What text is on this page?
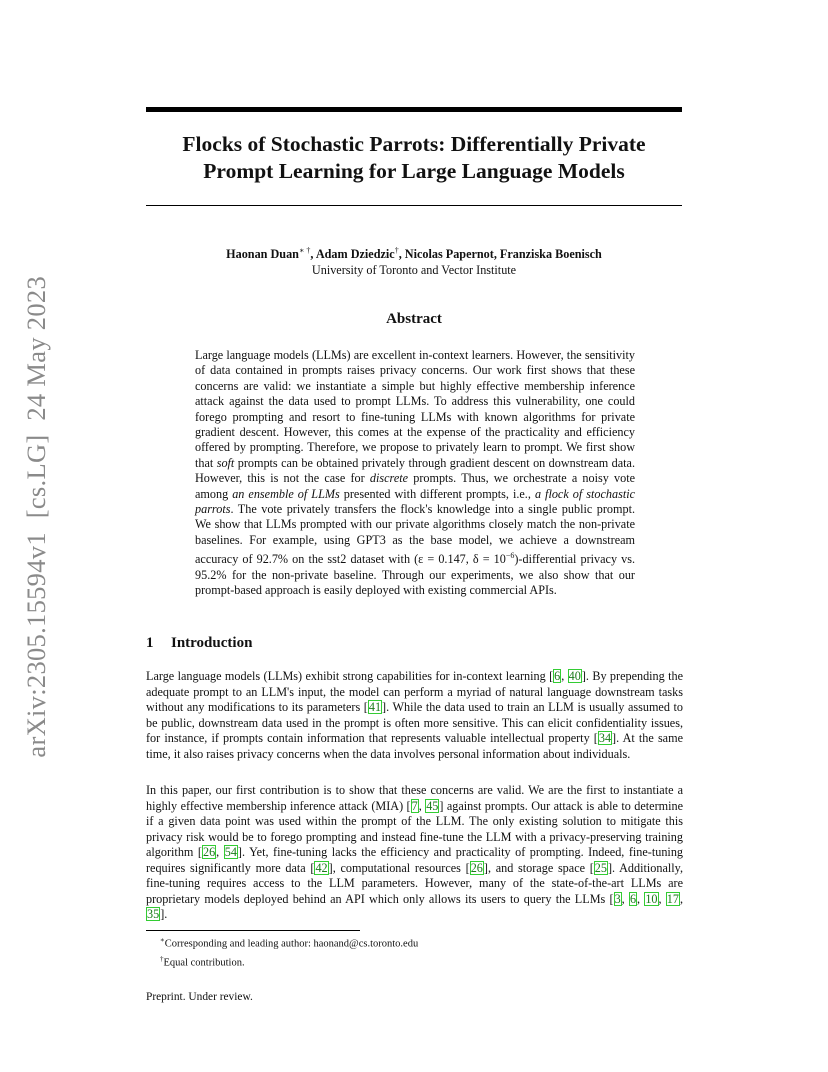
arXiv:2305.15594v1  [cs.LG]  24 May 2023
Flocks of Stochastic Parrots: Differentially Private
Prompt Learning for Large Language Models
Haonan Duan∗ †, Adam Dziedzic†, Nicolas Papernot, Franziska Boenisch
University of Toronto and Vector Institute
Abstract

Large language models (LLMs) are excellent in-context learners. However, the sensitivity of data contained in prompts raises privacy concerns. Our work first shows that these concerns are valid: we instantiate a simple but highly effective membership inference attack against the data used to prompt LLMs. To address this vulnerability, one could forego prompting and resort to fine-tuning LLMs with known algorithms for private gradient descent. However, this comes at the expense of the practicality and efficiency offered by prompting. Therefore, we propose to privately learn to prompt. We first show that soft prompts can be obtained privately through gradient descent on downstream data. However, this is not the case for discrete prompts. Thus, we orchestrate a noisy vote among an ensemble of LLMs presented with different prompts, i.e., a flock of stochastic parrots. The vote privately transfers the flock's knowledge into a single public prompt. We show that LLMs prompted with our private algorithms closely match the non-private baselines. For example, using GPT3 as the base model, we achieve a downstream accuracy of 92.7% on the sst2 dataset with (ε = 0.147, $\delta = 10^{-6}$)-differential privacy vs. 95.2% for the non-private baseline. Through our experiments, we also show that our prompt-based approach is easily deployed with existing commercial APIs.

1 Introduction

Large language models (LLMs) exhibit strong capabilities for in-context learning [6, 40]. By prepending the adequate prompt to an LLM's input, the model can perform a myriad of natural language downstream tasks without any modifications to its parameters [41]. While the data used to train an LLM is usually assumed to be public, downstream data used in the prompt is often more sensitive. This can elicit confidentiality issues, for instance, if prompts contain information that represents valuable intellectual property [34]. At the same time, it also raises privacy concerns when the data involves personal information about individuals.

In this paper, our first contribution is to show that these concerns are valid. We are the first to instantiate a highly effective membership inference attack (MIA) [7, 45] against prompts. Our attack is able to determine if a given data point was used within the prompt of the LLM. The only existing solution to mitigate this privacy risk would be to forego prompting and instead fine-tune the LLM with a privacy-preserving training algorithm [26, 54]. Yet, fine-tuning lacks the efficiency and practicality of prompting. Indeed, fine-tuning requires significantly more data [42], computational resources [26], and storage space [25]. Additionally, fine-tuning requires access to the LLM parameters. However, many of the state-of-the-art LLMs are proprietary models deployed behind an API which only allows its users to query the LLMs [3, 6, 10, 17, 35].

∗Corresponding and leading author: haonand@cs.toronto.edu
†Equal contribution.
Preprint. Under review.
